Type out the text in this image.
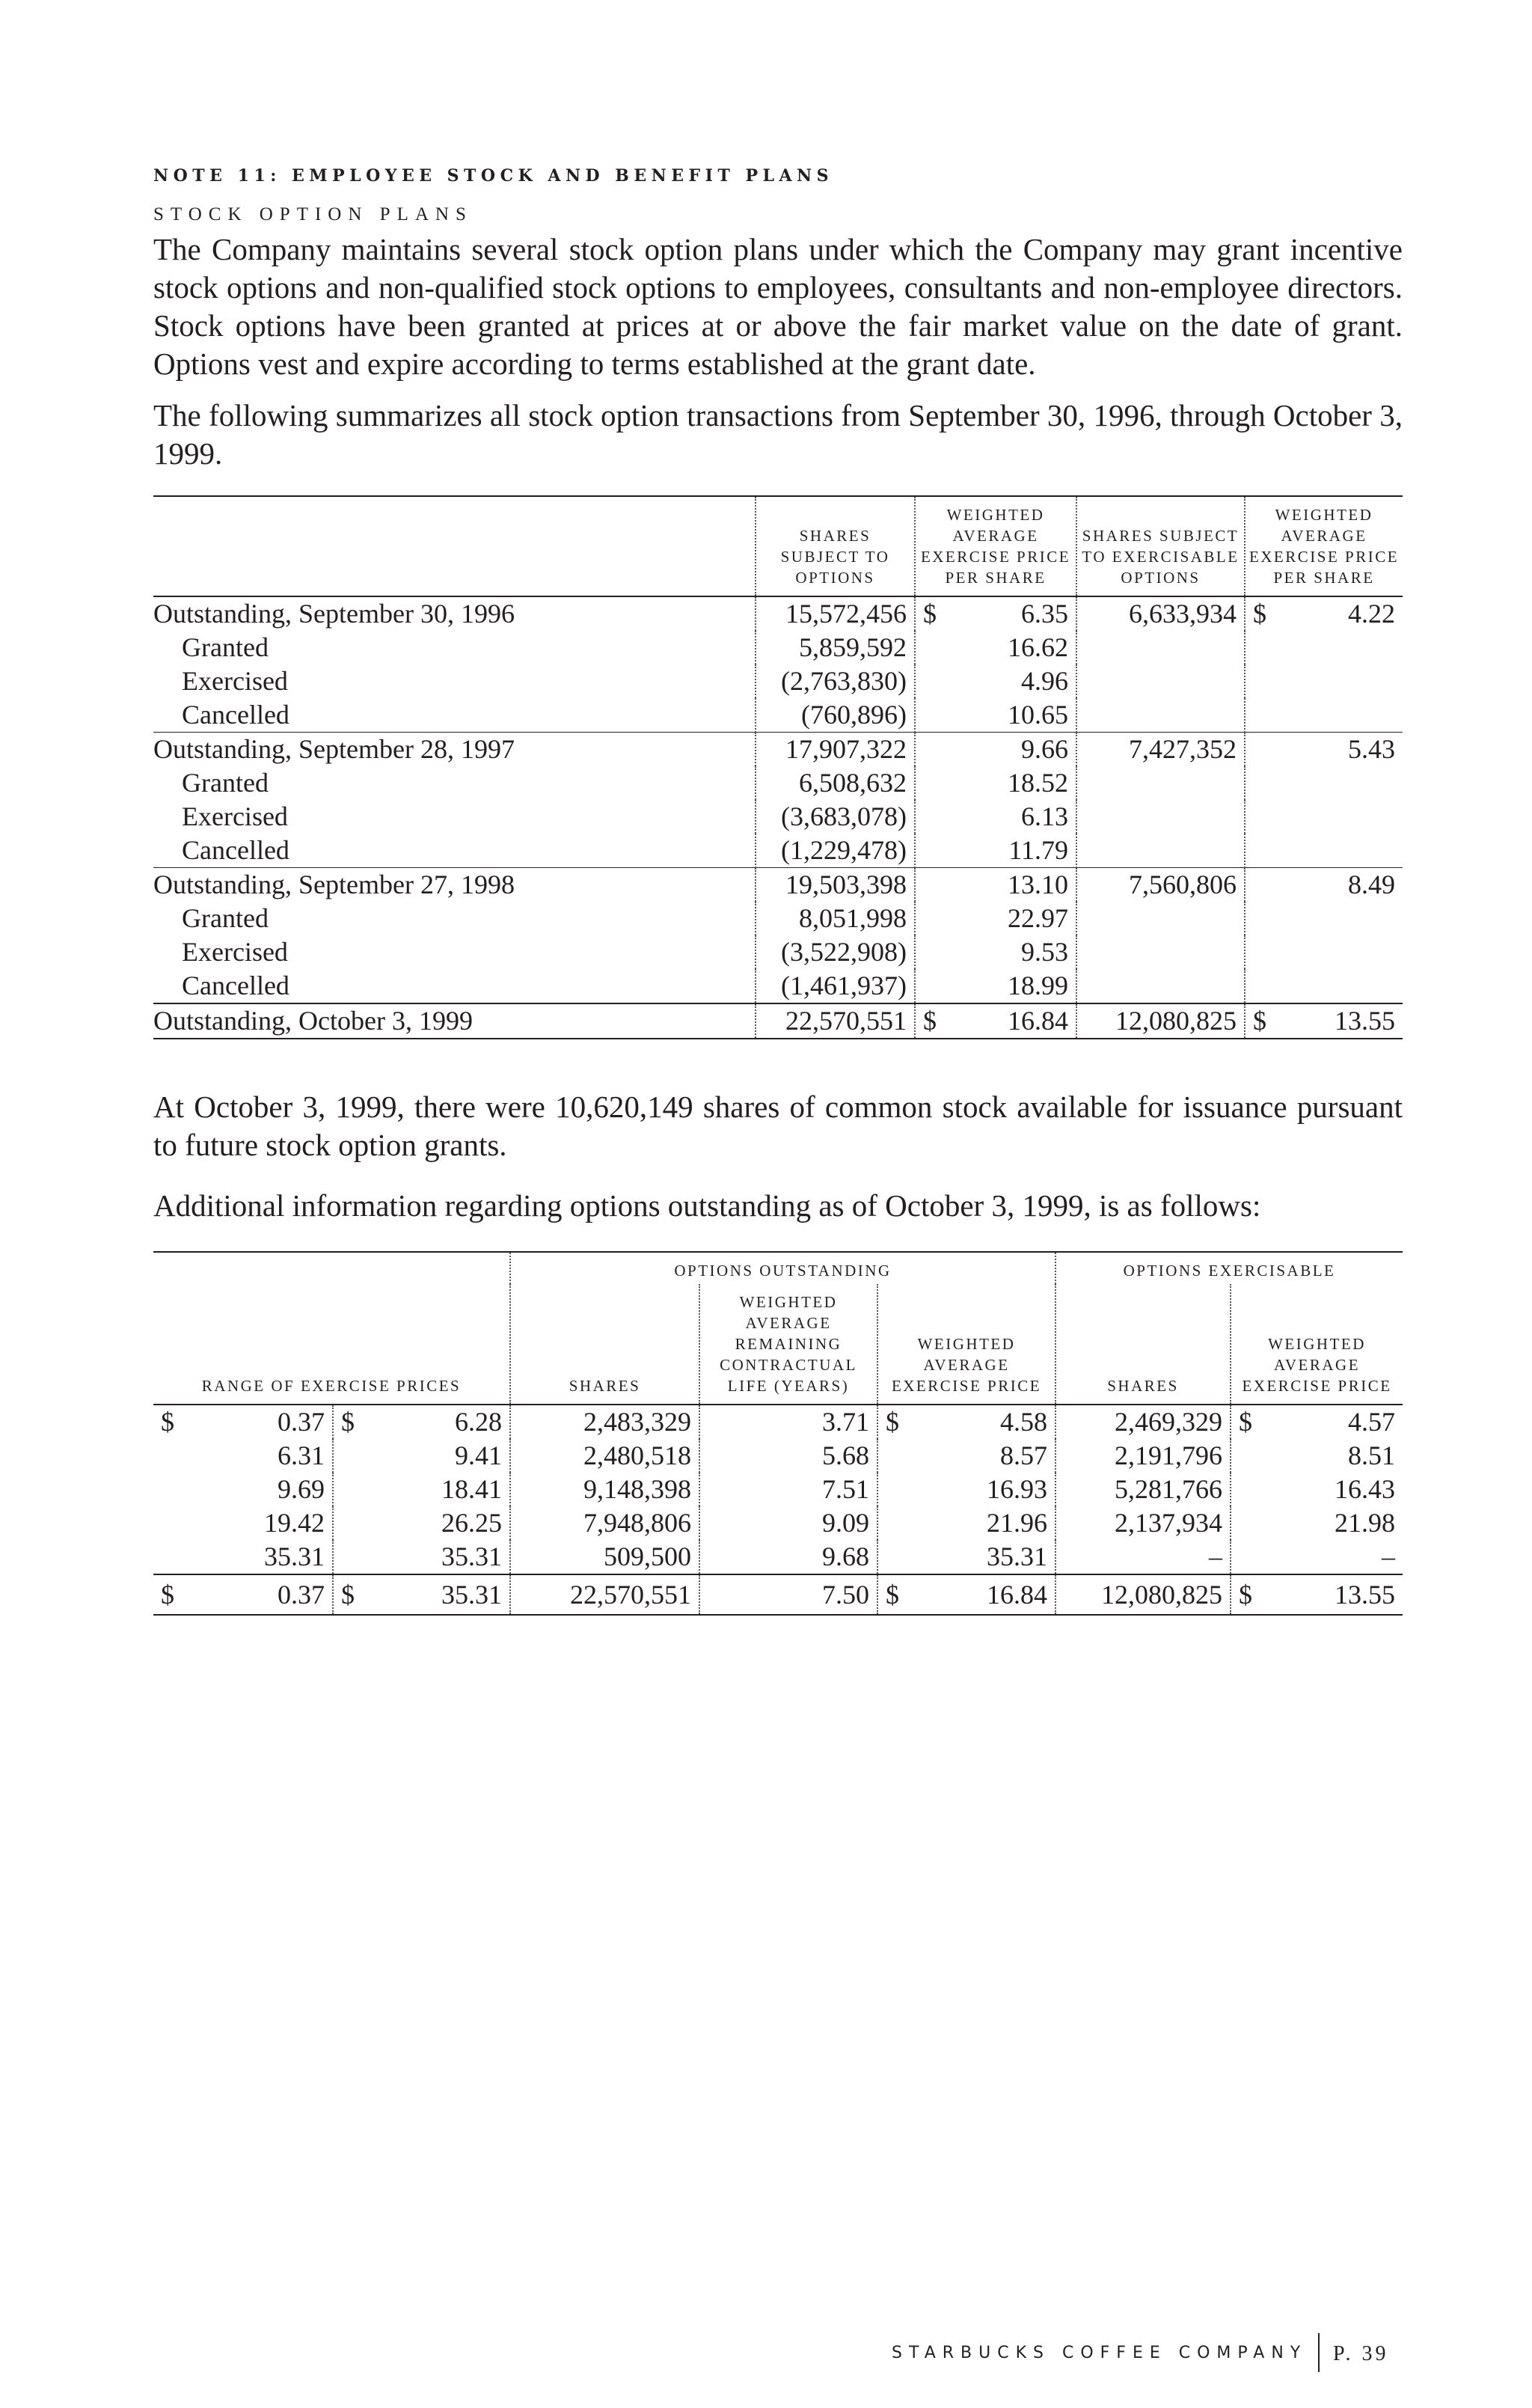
NOTE 11: EMPLOYEE STOCK AND BENEFIT PLANS
STOCK OPTION PLANS

The Company maintains several stock option plans under which the Company may grant incentive stock options and non-qualified stock options to employees, consultants and non-employee directors. Stock options have been granted at prices at or above the fair market value on the date of grant. Options vest and expire according to terms established at the grant date.

The following summarizes all stock option transactions from September 30, 1996, through October 3, 1999.

	SHARES SUBJECT TO OPTIONS	WEIGHTED AVERAGE EXERCISE PRICE PER SHARE	SHARES SUBJECT TO EXERCISABLE OPTIONS	WEIGHTED AVERAGE EXERCISE PRICE PER SHARE
Outstanding, September 30, 1996	15,572,456	$ 6.35	6,633,934	$ 4.22
Granted	5,859,592	16.62		

Exercised	(2,763,830)	4.96		

Cancelled	(760,896)	10.65		

Outstanding, September 28, 1997	17,907,322	9.66	7,427,352	5.43
Granted	6,508,632	18.52		

Exercised	(3,683,078)	6.13		

Cancelled	(1,229,478)	11.79		

Outstanding, September 27, 1998	19,503,398	13.10	7,560,806	8.49
Granted	8,051,998	22.97		

Exercised	(3,522,908)	9.53		

Cancelled	(1,461,937)	18.99		

Outstanding, October 3, 1999	22,570,551	$ 16.84	12,080,825	$ 13.55

At October 3, 1999, there were 10,620,149 shares of common stock available for issuance pursuant to future stock option grants.

Additional information regarding options outstanding as of October 3, 1999, is as follows:

		OPTIONS OUTSTANDING			OPTIONS EXERCISABLE	
RANGE OF EXERCISE PRICES		SHARES	WEIGHTED AVERAGE REMAINING CONTRACTUAL LIFE (YEARS)	WEIGHTED AVERAGE EXERCISE PRICE	SHARES	WEIGHTED AVERAGE EXERCISE PRICE

$ 0.37	$ 6.28	2,483,329	3.71	$ 4.58	2,469,329	$ 4.57

6.31	9.41	2,480,518	5.68	8.57	2,191,796	8.51

9.69	18.41	9,148,398	7.51	16.93	5,281,766	16.43

19.42	26.25	7,948,806	9.09	21.96	2,137,934	21.98

35.31	35.31	509,500	9.68	35.31	–	–

$ 0.37	$ 35.31	22,570,551	7.50	$ 16.84	12,080,825	$ 13.55
STARBUCKS COFFEE COMPANY P. 39
